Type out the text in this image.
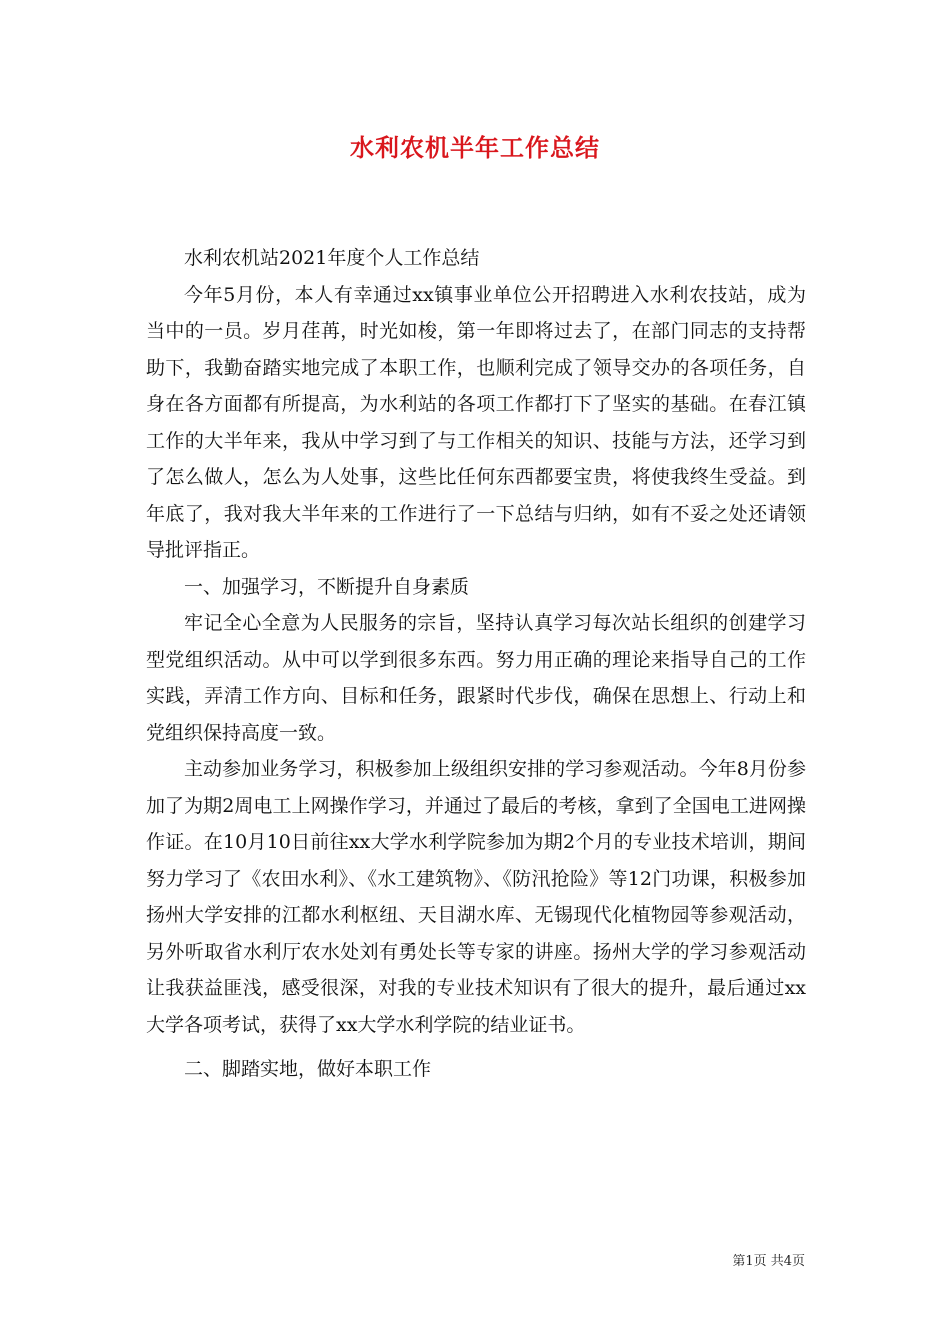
水利农机半年工作总结

水利农机站2021年度个人工作总结

今年5月份，本人有幸通过xx镇事业单位公开招聘进入水利农技站，成为当中的一员。岁月荏苒，时光如梭，第一年即将过去了，在部门同志的支持帮助下，我勤奋踏实地完成了本职工作，也顺利完成了领导交办的各项任务，自身在各方面都有所提高，为水利站的各项工作都打下了坚实的基础。在春江镇工作的大半年来，我从中学习到了与工作相关的知识、技能与方法，还学习到了怎么做人，怎么为人处事，这些比任何东西都要宝贵，将使我终生受益。到年底了，我对我大半年来的工作进行了一下总结与归纳，如有不妥之处还请领导批评指正。

一、加强学习，不断提升自身素质

牢记全心全意为人民服务的宗旨，坚持认真学习每次站长组织的创建学习型党组织活动。从中可以学到很多东西。努力用正确的理论来指导自己的工作实践，弄清工作方向、目标和任务，跟紧时代步伐，确保在思想上、行动上和党组织保持高度一致。

主动参加业务学习，积极参加上级组织安排的学习参观活动。今年8月份参加了为期2周电工上网操作学习，并通过了最后的考核，拿到了全国电工进网操作证。在10月10日前往xx大学水利学院参加为期2个月的专业技术培训，期间努力学习了《农田水利》、《水工建筑物》、《防汛抢险》等12门功课，积极参加扬州大学安排的江都水利枢纽、天目湖水库、无锡现代化植物园等参观活动，另外听取省水利厅农水处刘有勇处长等专家的讲座。扬州大学的学习参观活动让我获益匪浅，感受很深，对我的专业技术知识有了很大的提升，最后通过xx大学各项考试，获得了xx大学水利学院的结业证书。

二、脚踏实地，做好本职工作

第1页 共4页
